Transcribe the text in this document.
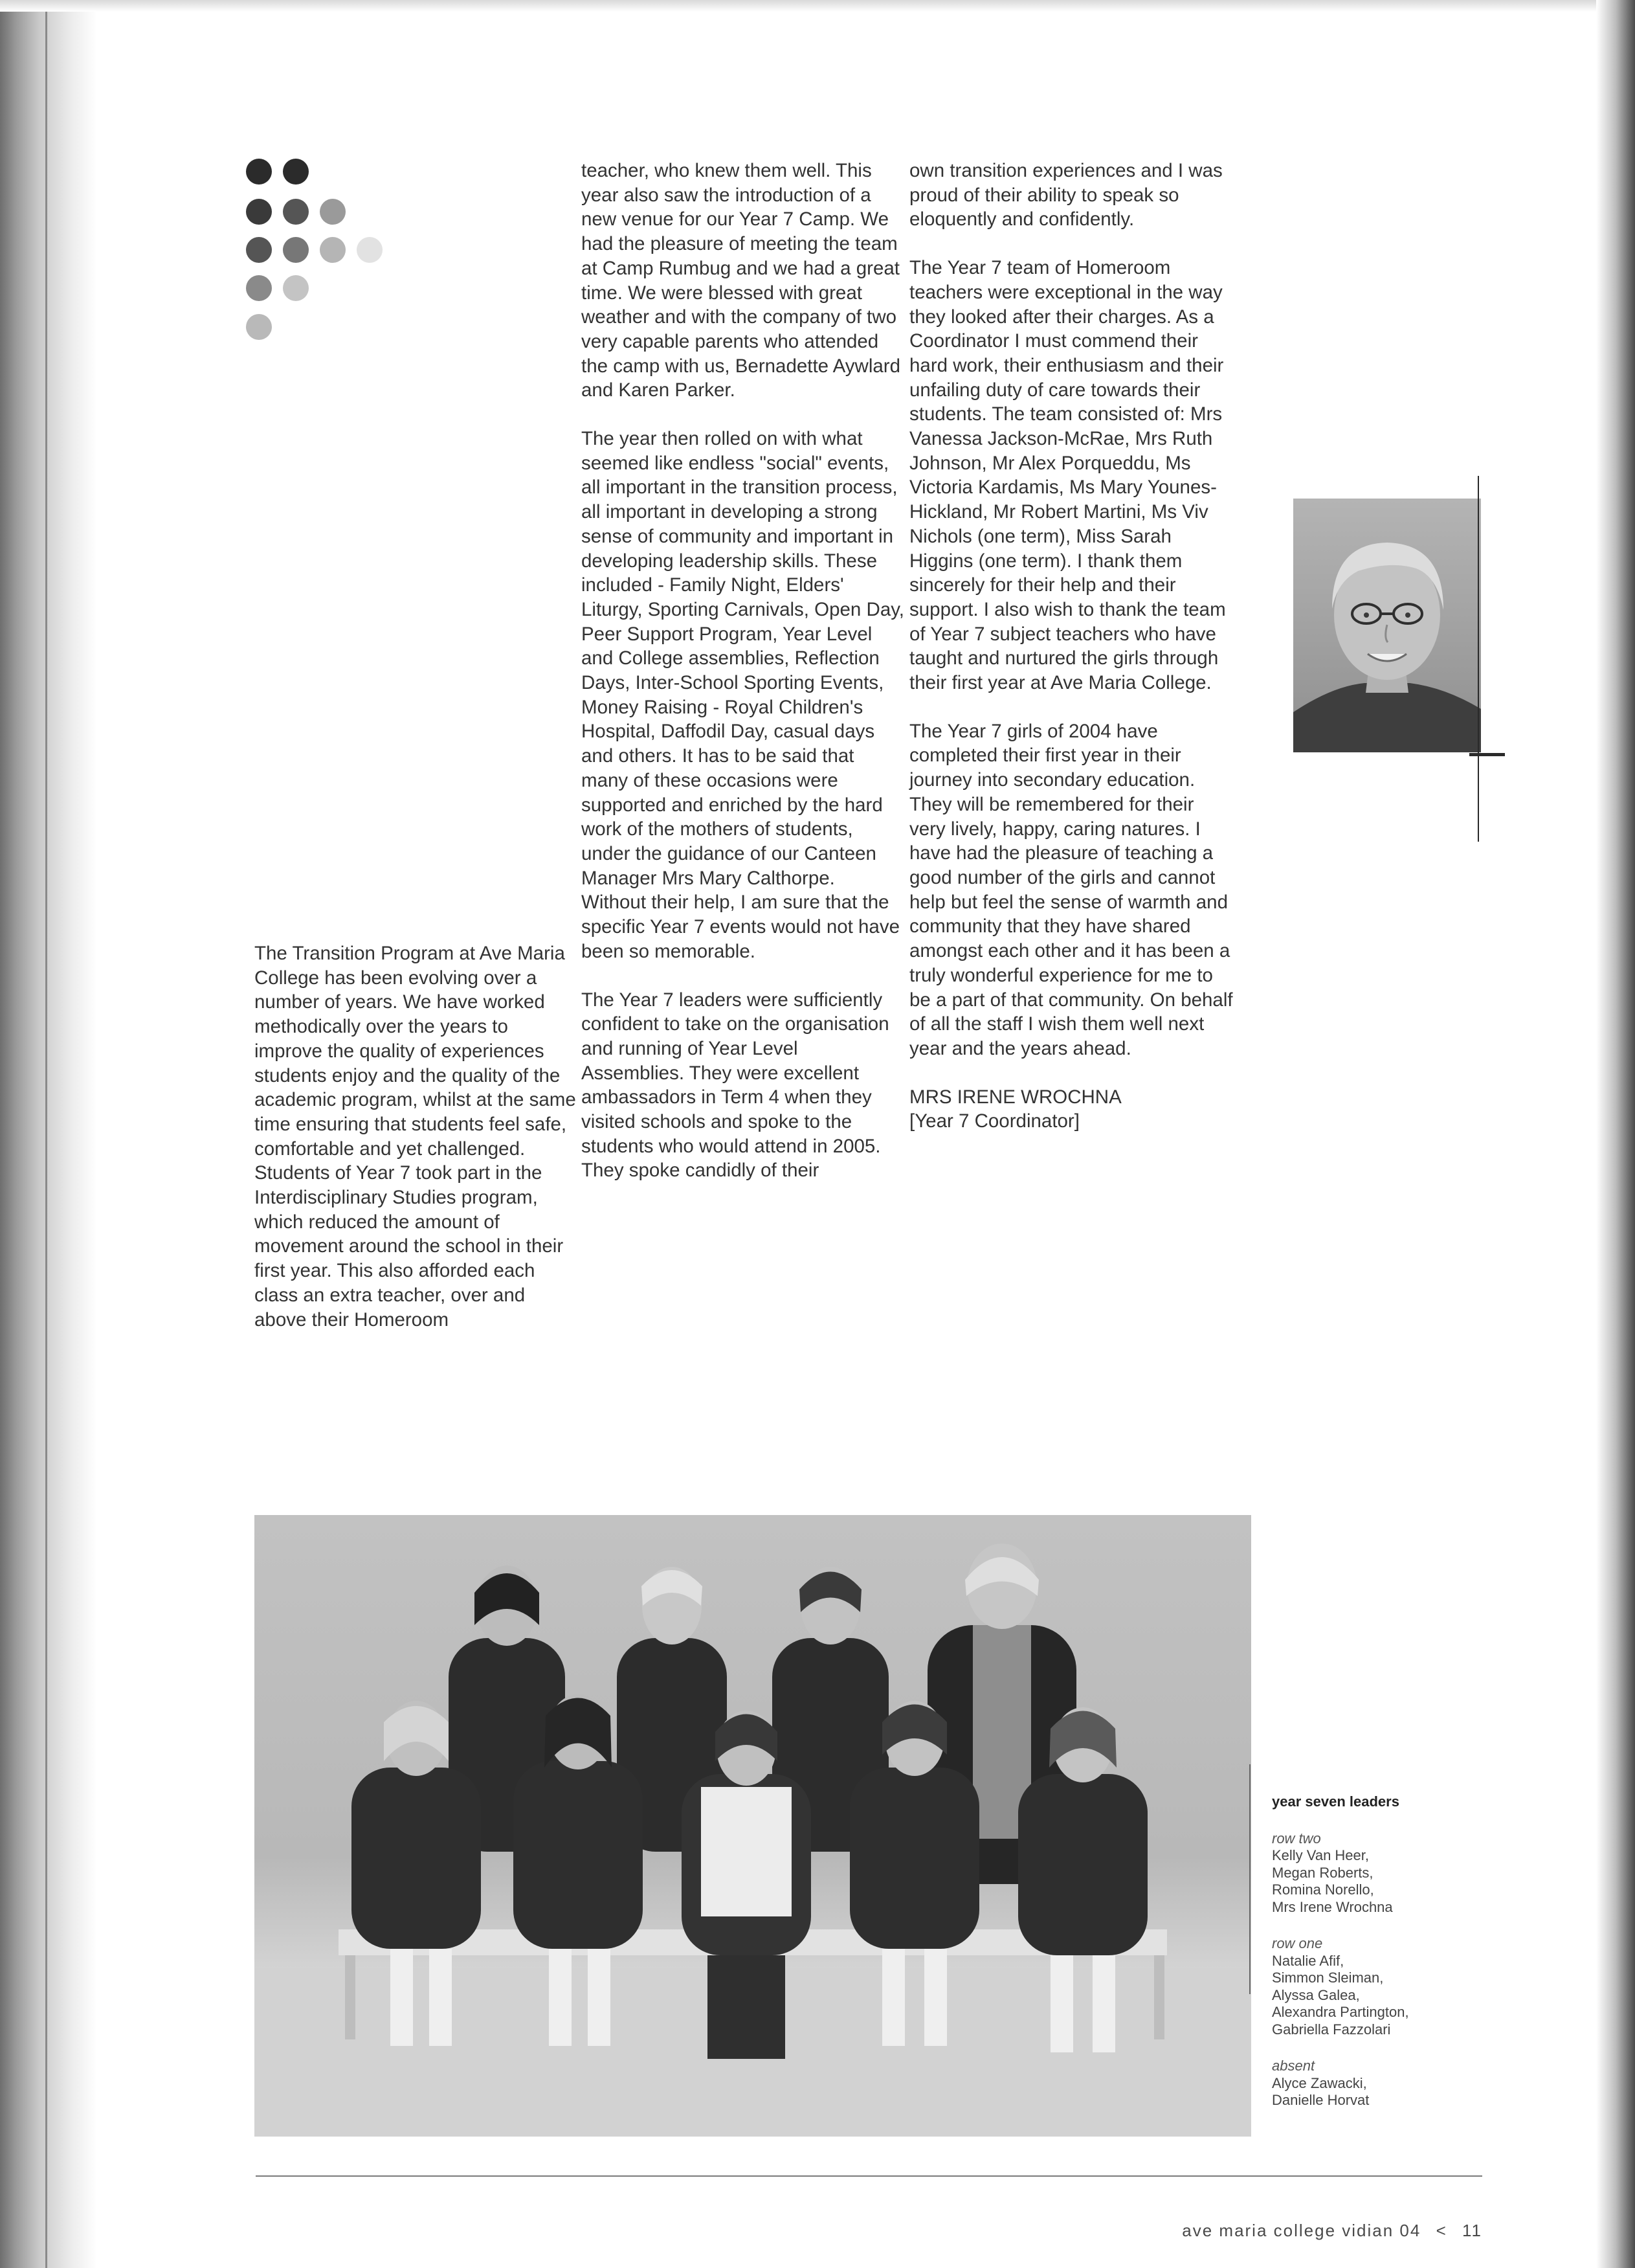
The Transition Program at Ave Maria College has been evolving over a number of years. We have worked methodically over the years to improve the quality of experiences students enjoy and the quality of the academic program, whilst at the same time ensuring that students feel safe, comfortable and yet challenged. Students of Year 7 took part in the Interdisciplinary Studies program, which reduced the amount of movement around the school in their first year. This also afforded each class an extra teacher, over and above their Homeroom

teacher, who knew them well. This year also saw the introduction of a new venue for our Year 7 Camp. We had the pleasure of meeting the team at Camp Rumbug and we had a great time. We were blessed with great weather and with the company of two very capable parents who attended the camp with us, Bernadette Aywlard and Karen Parker.

The year then rolled on with what seemed like endless "social" events, all important in the transition process, all important in developing a strong sense of community and important in developing leadership skills. These included - Family Night, Elders' Liturgy, Sporting Carnivals, Open Day, Peer Support Program, Year Level and College assemblies, Reflection Days, Inter-School Sporting Events, Money Raising - Royal Children's Hospital, Daffodil Day, casual days and others. It has to be said that many of these occasions were supported and enriched by the hard work of the mothers of students, under the guidance of our Canteen Manager Mrs Mary Calthorpe. Without their help, I am sure that the specific Year 7 events would not have been so memorable.

The Year 7 leaders were sufficiently confident to take on the organisation and running of Year Level Assemblies. They were excellent ambassadors in Term 4 when they visited schools and spoke to the students who would attend in 2005. They spoke candidly of their

own transition experiences and I was proud of their ability to speak so eloquently and confidently.

The Year 7 team of Homeroom teachers were exceptional in the way they looked after their charges. As a Coordinator I must commend their hard work, their enthusiasm and their unfailing duty of care towards their students. The team consisted of: Mrs Vanessa Jackson-McRae, Mrs Ruth Johnson, Mr Alex Porqueddu, Ms Victoria Kardamis, Ms Mary Younes-Hickland, Mr Robert Martini, Ms Viv Nichols (one term), Miss Sarah Higgins (one term). I thank them sincerely for their help and their support. I also wish to thank the team of Year 7 subject teachers who have taught and nurtured the girls through their first year at Ave Maria College.

The Year 7 girls of 2004 have completed their first year in their journey into secondary education. They will be remembered for their very lively, happy, caring natures. I have had the pleasure of teaching a good number of the girls and cannot help but feel the sense of warmth and community that they have shared amongst each other and it has been a truly wonderful experience for me to be a part of that community. On behalf of all the staff I wish them well next year and the years ahead.

MRS IRENE WROCHNA
[Year 7 Coordinator]
year seven leaders
row two
Kelly Van Heer,
Megan Roberts,
Romina Norello,
Mrs Irene Wrochna
row one
Natalie Afif,
Simmon Sleiman,
Alyssa Galea,
Alexandra Partington,
Gabriella Fazzolari
absent
Alyce Zawacki,
Danielle Horvat
ave maria college vidian 04 < 11
